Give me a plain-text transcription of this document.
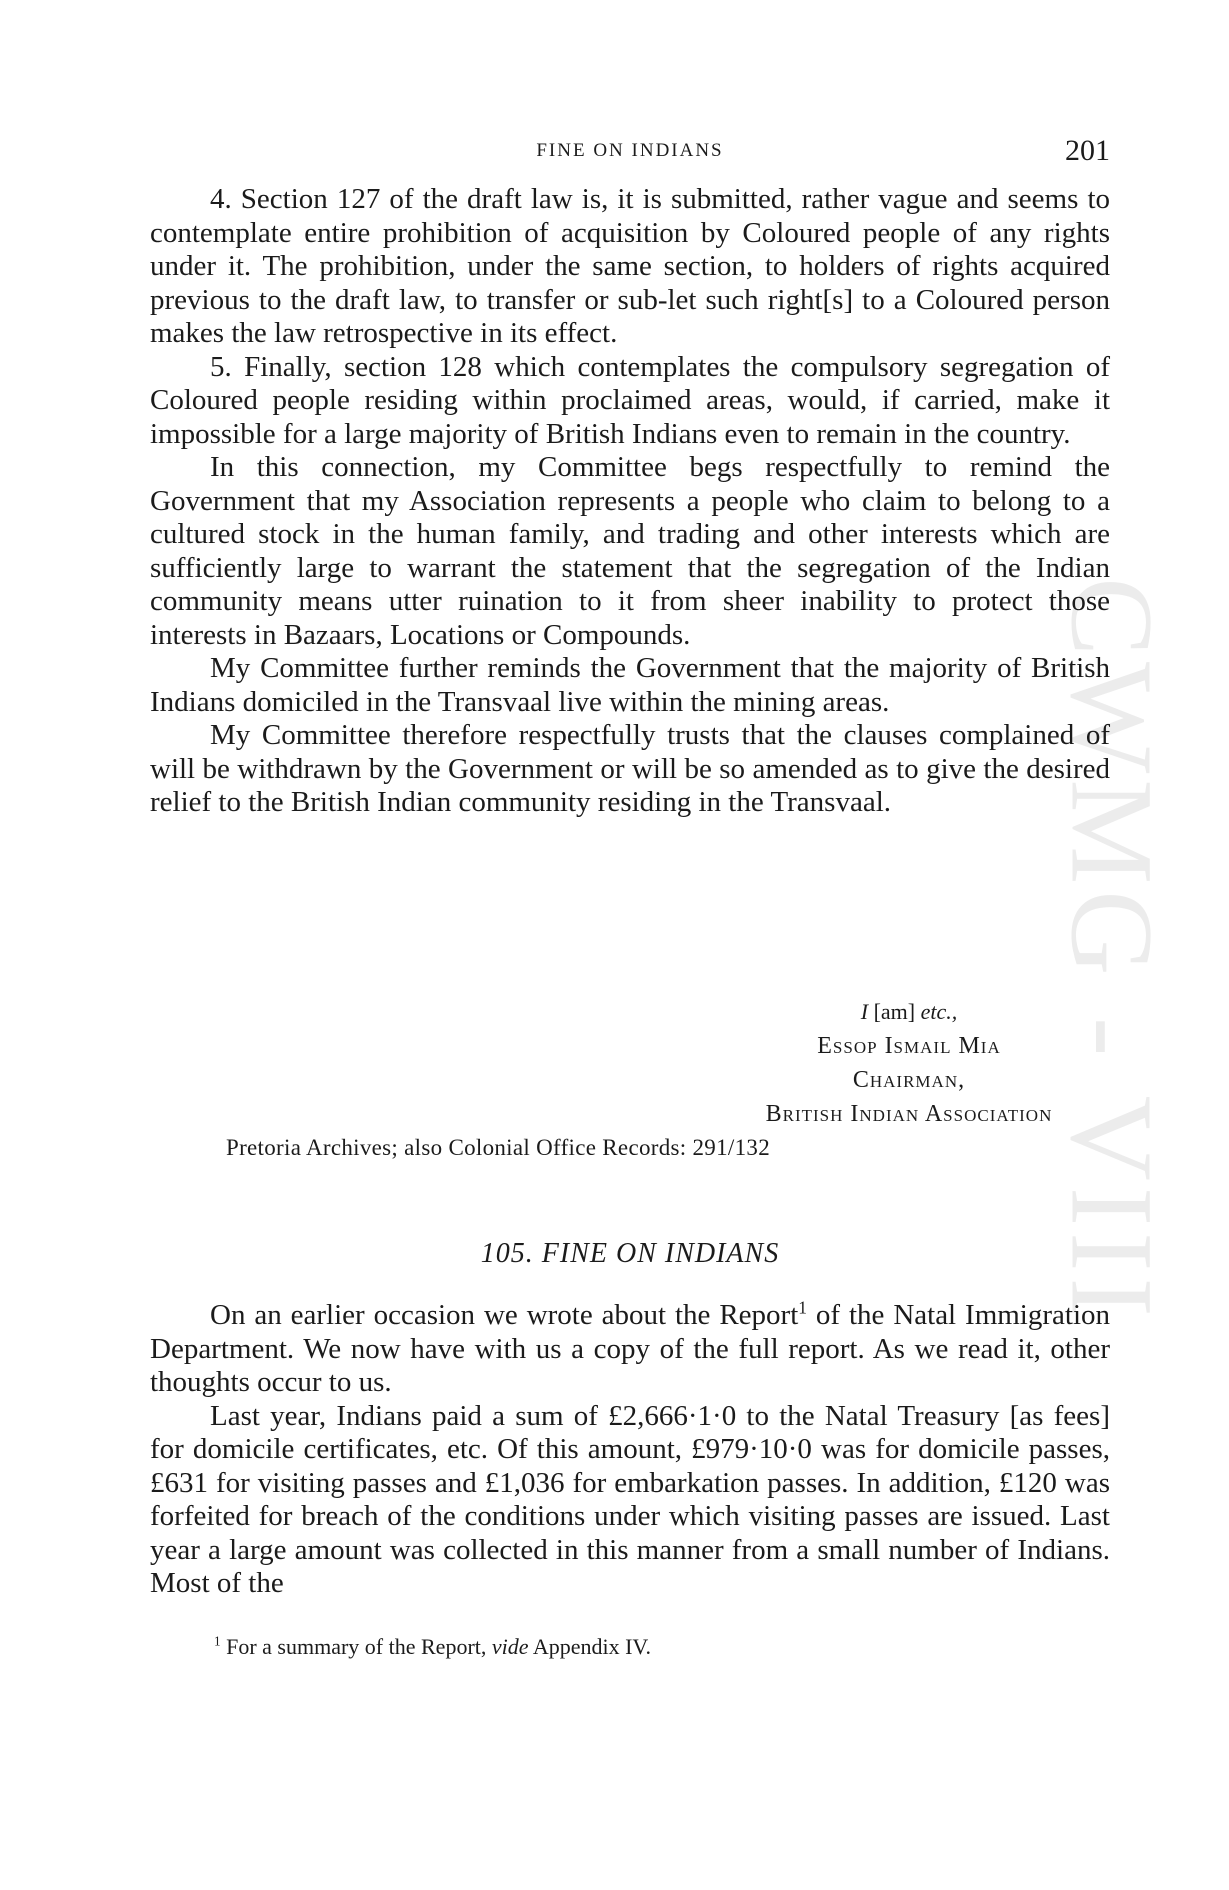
CWMG - VIII
FINE ON INDIANS	201

4. Section 127 of the draft law is, it is submitted, rather vague and seems to contemplate entire prohibition of acquisition by Coloured people of any rights under it. The prohibition, under the same section, to holders of rights acquired previous to the draft law, to transfer or sub-let such right[s] to a Coloured person makes the law retrospective in its effect.

5. Finally, section 128 which contemplates the compulsory segregation of Coloured people residing within proclaimed areas, would, if carried, make it impossible for a large majority of British Indians even to remain in the country.

In this connection, my Committee begs respectfully to remind the Government that my Association represents a people who claim to belong to a cultured stock in the human family, and trading and other interests which are sufficiently large to warrant the statement that the segregation of the Indian community means utter ruination to it from sheer inability to protect those interests in Bazaars, Locations or Compounds.

My Committee further reminds the Government that the majority of British Indians domiciled in the Transvaal live within the mining areas.

My Committee therefore respectfully trusts that the clauses complained of will be withdrawn by the Government or will be so amended as to give the desired relief to the British Indian community residing in the Transvaal.

I [am] etc.,
Essop Ismail Mia
Chairman,
British Indian Association
Pretoria Archives; also Colonial Office Records: 291/132
105. FINE ON INDIANS

On an earlier occasion we wrote about the Report$^1$ of the Natal Immigration Department. We now have with us a copy of the full report. As we read it, other thoughts occur to us.

Last year, Indians paid a sum of £2,666·1·0 to the Natal Treasury [as fees] for domicile certificates, etc. Of this amount, £979·10·0 was for domicile passes, £631 for visiting passes and £1,036 for embarkation passes. In addition, £120 was forfeited for breach of the conditions under which visiting passes are issued. Last year a large amount was collected in this manner from a small number of Indians. Most of the

$^1$ For a summary of the Report, vide Appendix IV.
